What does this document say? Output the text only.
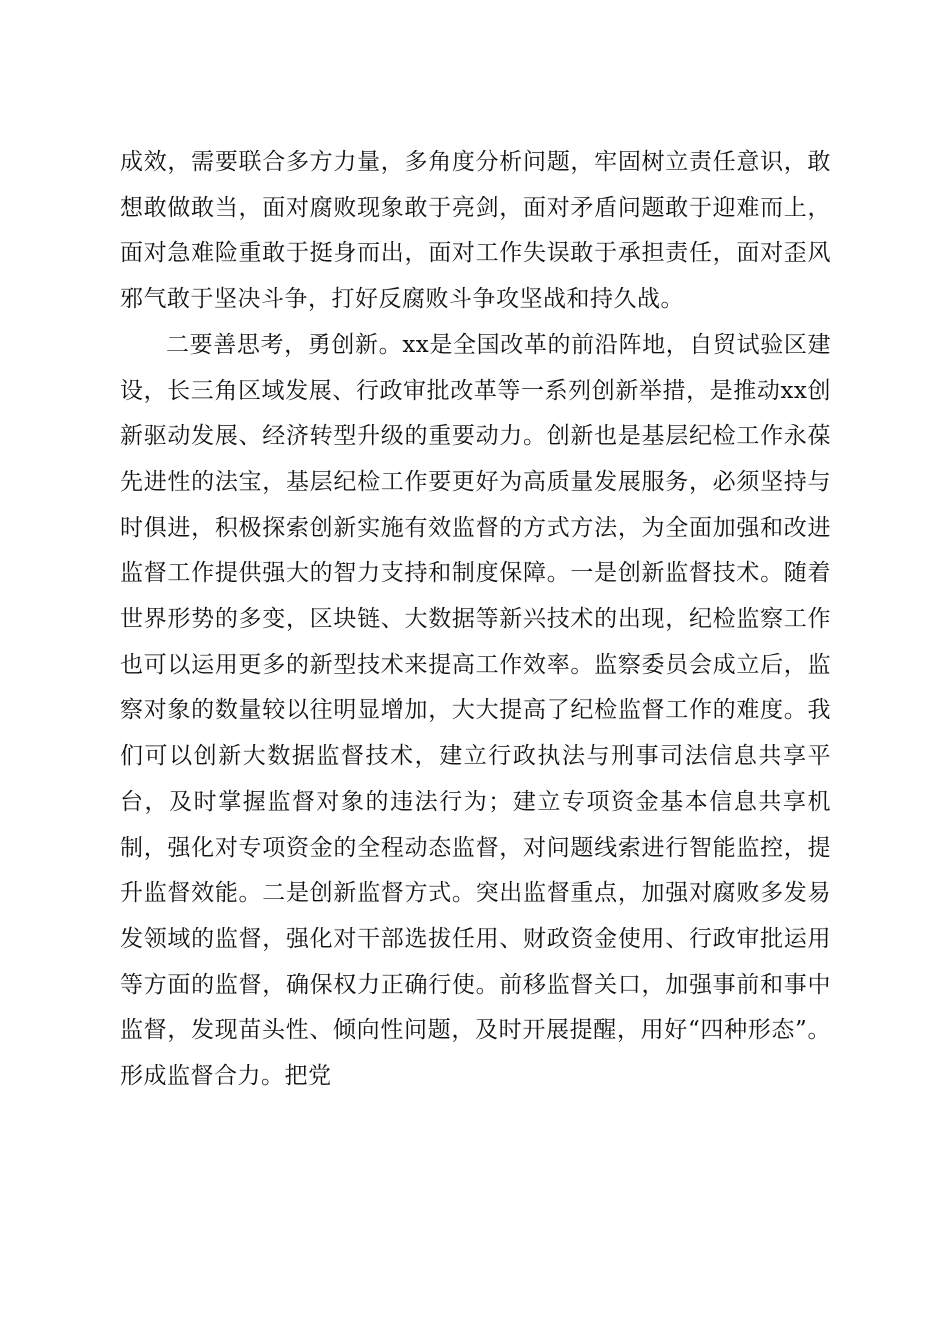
成效，需要联合多方力量，多角度分析问题，牢固树立责任意识，敢想敢做敢当，面对腐败现象敢于亮剑，面对矛盾问题敢于迎难而上，面对急难险重敢于挺身而出，面对工作失误敢于承担责任，面对歪风邪气敢于坚决斗争，打好反腐败斗争攻坚战和持久战。

二要善思考，勇创新。xx是全国改革的前沿阵地，自贸试验区建设，长三角区域发展、行政审批改革等一系列创新举措，是推动xx创新驱动发展、经济转型升级的重要动力。创新也是基层纪检工作永葆先进性的法宝，基层纪检工作要更好为高质量发展服务，必须坚持与时俱进，积极探索创新实施有效监督的方式方法，为全面加强和改进监督工作提供强大的智力支持和制度保障。一是创新监督技术。随着世界形势的多变，区块链、大数据等新兴技术的出现，纪检监察工作也可以运用更多的新型技术来提高工作效率。监察委员会成立后，监察对象的数量较以往明显增加，大大提高了纪检监督工作的难度。我们可以创新大数据监督技术，建立行政执法与刑事司法信息共享平台，及时掌握监督对象的违法行为；建立专项资金基本信息共享机制，强化对专项资金的全程动态监督，对问题线索进行智能监控，提升监督效能。二是创新监督方式。突出监督重点，加强对腐败多发易发领域的监督，强化对干部选拔任用、财政资金使用、行政审批运用等方面的监督，确保权力正确行使。前移监督关口，加强事前和事中监督，发现苗头性、倾向性问题，及时开展提醒，用好“四种形态”。形成监督合力。把党
